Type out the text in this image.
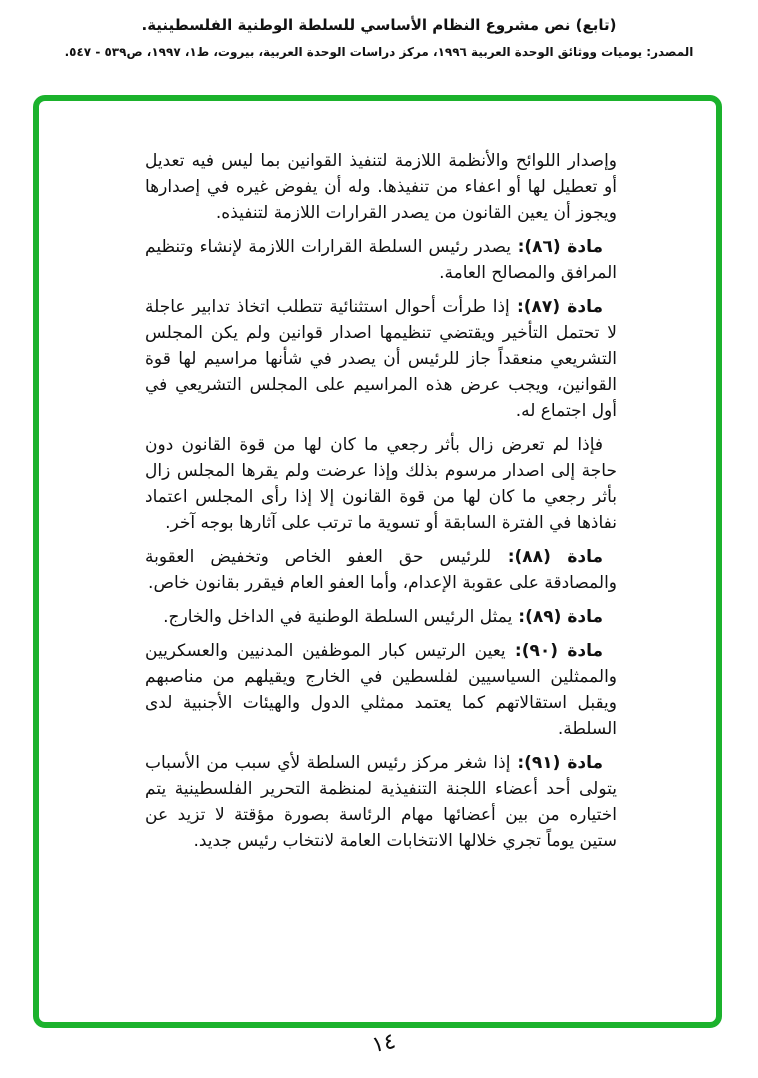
(تابع) نص مشروع النظام الأساسي للسلطة الوطنية الفلسطينية.
المصدر: يوميات ووثائق الوحدة العربية ١٩٩٦، مركز دراسات الوحدة العربية، بيروت، ط١، ١٩٩٧، ص٥٣٩ - ٥٤٧.

وإصدار اللوائح والأنظمة اللازمة لتنفيذ القوانين بما ليس فيه تعديل أو تعطيل لها أو اعفاء من تنفيذها. وله أن يفوض غيره في إصدارها ويجوز أن يعين القانون من يصدر القرارات اللازمة لتنفيذه.

مادة (٨٦): يصدر رئيس السلطة القرارات اللازمة لإنشاء وتنظيم المرافق والمصالح العامة.

مادة (٨٧): إذا طرأت أحوال استثنائية تتطلب اتخاذ تدابير عاجلة لا تحتمل التأخير ويقتضي تنظيمها اصدار قوانين ولم يكن المجلس التشريعي منعقداً جاز للرئيس أن يصدر في شأنها مراسيم لها قوة القوانين، ويجب عرض هذه المراسيم على المجلس التشريعي في أول اجتماع له.

فإذا لم تعرض زال بأثر رجعي ما كان لها من قوة القانون دون حاجة إلى اصدار مرسوم بذلك وإذا عرضت ولم يقرها المجلس زال بأثر رجعي ما كان لها من قوة القانون إلا إذا رأى المجلس اعتماد نفاذها في الفترة السابقة أو تسوية ما ترتب على آثارها بوجه آخر.

مادة (٨٨): للرئيس حق العفو الخاص وتخفيض العقوبة والمصادقة على عقوبة الإعدام، وأما العفو العام فيقرر بقانون خاص.

مادة (٨٩): يمثل الرئيس السلطة الوطنية في الداخل والخارج.

مادة (٩٠): يعين الرتيس كبار الموظفين المدنيين والعسكريين والممثلين السياسيين لفلسطين في الخارج ويقيلهم من مناصبهم ويقبل استقالاتهم كما يعتمد ممثلي الدول والهيئات الأجنبية لدى السلطة.

مادة (٩١): إذا شغر مركز رئيس السلطة لأي سبب من الأسباب يتولى أحد أعضاء اللجنة التنفيذية لمنظمة التحرير الفلسطينية يتم اختياره من بين أعضائها مهام الرئاسة بصورة مؤقتة لا تزيد عن ستين يوماً تجري خلالها الانتخابات العامة لانتخاب رئيس جديد.

١٤
